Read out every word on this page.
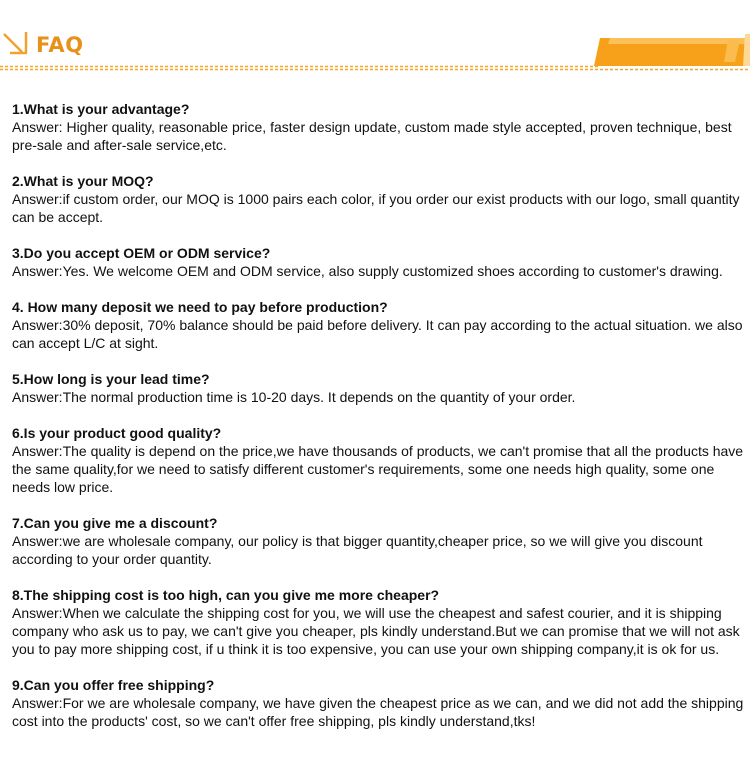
FAQ
1.What is your advantage?
Answer: Higher quality, reasonable price, faster design update, custom made style accepted, proven technique, best pre-sale and after-sale service,etc.
2.What is your MOQ?
Answer:if custom order, our MOQ is 1000 pairs each color, if you order our exist products with our logo, small quantity can be accept.
3.Do you accept OEM or ODM service?
Answer:Yes. We welcome OEM and ODM service, also supply customized shoes according to customer's drawing.
4. How many deposit we need to pay before production?
Answer:30% deposit, 70% balance should be paid before delivery. It can pay according to the actual situation. we also can accept L/C at sight.
5.How long is your lead time?
Answer:The normal production time is 10-20 days. It depends on the quantity of your order.
6.Is your product good quality?
Answer:The quality is depend on the price,we have thousands of products, we can't promise that all the products have the same quality,for we need to satisfy different customer's requirements, some one needs high quality, some one needs low price.
7.Can you give me a discount?
Answer:we are wholesale company, our policy is that bigger quantity,cheaper price, so we will give you discount according to your order quantity.
8.The shipping cost is too high, can you give me more cheaper?
Answer:When we calculate the shipping cost for you, we will use the cheapest and safest courier, and it is shipping company who ask us to pay, we can't give you cheaper, pls kindly understand.But we can promise that we will not ask you to pay more shipping cost, if u think it is too expensive, you can use your own shipping company,it is ok for us.
9.Can you offer free shipping?
Answer:For we are wholesale company, we have given the cheapest price as we can, and we did not add the shipping cost into the products' cost, so we can't offer free shipping, pls kindly understand,tks!
